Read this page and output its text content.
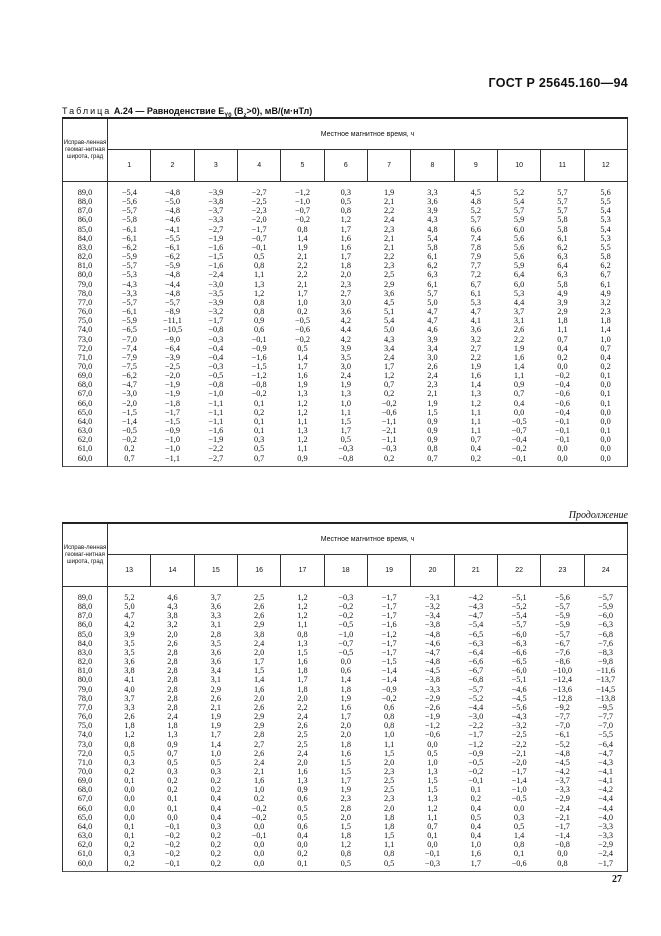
ГОСТ Р 25645.160—94
Таблица А.24 — Равноденствие $E_{Y0}$ $(B_z>0)$, мВ/(м·нТл)
Исправ-ленная геомаг-нитная широта, град	Местное магнитное время, ч											
	1	2	3	4	5	6	7	8	9	10	11	12
89,0	−5,4	−4,8	−3,9	−2,7	−1,2	0,3	1,9	3,3	4,5	5,2	5,7	5,6
88,0	−5,6	−5,0	−3,8	−2,5	−1,0	0,5	2,1	3,6	4,8	5,4	5,7	5,5
87,0	−5,7	−4,8	−3,7	−2,3	−0,7	0,8	2,2	3,9	5,2	5,7	5,7	5,4
86,0	−5,8	−4,6	−3,3	−2,0	−0,2	1,2	2,4	4,3	5,7	5,9	5,8	5,3
85,0	−6,1	−4,1	−2,7	−1,7	0,8	1,7	2,3	4,8	6,6	6,0	5,8	5,4
84,0	−6,1	−5,5	−1,9	−0,7	1,4	1,6	2,1	5,4	7,4	5,6	6,1	5,3
83,0	−6,2	−6,1	−1,6	−0,1	1,9	1,6	2,1	5,8	7,8	5,6	6,2	5,5
82,0	−5,9	−6,2	−1,5	0,5	2,1	1,7	2,2	6,1	7,9	5,6	6,3	5,8
81,0	−5,7	−5,9	−1,6	0,8	2,2	1,8	2,3	6,2	7,7	5,9	6,4	6,2
80,0	−5,3	−4,8	−2,4	1,1	2,2	2,0	2,5	6,3	7,2	6,4	6,3	6,7
79,0	−4,3	−4,4	−3,0	1,3	2,1	2,3	2,9	6,1	6,7	6,0	5,8	6,1
78,0	−3,3	−4,8	−3,5	1,2	1,7	2,7	3,6	5,7	6,1	5,3	4,9	4,9
77,0	−5,7	−5,7	−3,9	0,8	1,0	3,0	4,5	5,0	5,3	4,4	3,9	3,2
76,0	−6,1	−8,9	−3,2	0,8	0,2	3,6	5,1	4,7	4,7	3,7	2,9	2,3
75,0	−5,9	−11,1	−1,7	0,9	−0,5	4,2	5,4	4,7	4,1	3,1	1,8	1,8
74,0	−6,5	−10,5	−0,8	0,6	−0,6	4,4	5,0	4,6	3,6	2,6	1,1	1,4
73,0	−7,0	−9,0	−0,3	−0,1	−0,2	4,2	4,3	3,9	3,2	2,2	0,7	1,0
72,0	−7,4	−6,4	−0,4	−0,9	0,5	3,9	3,4	3,4	2,7	1,9	0,4	0,7
71,0	−7,9	−3,9	−0,4	−1,6	1,4	3,5	2,4	3,0	2,2	1,6	0,2	0,4
70,0	−7,5	−2,5	−0,3	−1,5	1,7	3,0	1,7	2,6	1,9	1,4	0,0	0,2
69,0	−6,2	−2,0	−0,5	−1,2	1,6	2,4	1,2	2,4	1,6	1,1	−0,2	0,1
68,0	−4,7	−1,9	−0,8	−0,8	1,9	1,9	0,7	2,3	1,4	0,9	−0,4	0,0
67,0	−3,0	−1,9	−1,0	−0,2	1,3	1,3	0,2	2,1	1,3	0,7	−0,6	0,1
66,0	−2,0	−1,8	−1,1	0,1	1,2	1,0	−0,2	1,9	1,2	0,4	−0,6	0,1
65,0	−1,5	−1,7	−1,1	0,2	1,2	1,1	−0,6	1,5	1,1	0,0	−0,4	0,0
64,0	−1,4	−1,5	−1,1	0,1	1,1	1,5	−1,1	0,9	1,1	−0,5	−0,1	0,0
63,0	−0,5	−0,9	−1,6	0,1	1,3	1,7	−2,1	0,9	1,1	−0,7	−0,1	0,1
62,0	−0,2	−1,0	−1,9	0,3	1,2	0,5	−1,1	0,9	0,7	−0,4	−0,1	0,0
61,0	0,2	−1,0	−2,2	0,5	1,1	−0,3	−0,3	0,8	0,4	−0,2	0,0	0,0
60,0	0,7	−1,1	−2,7	0,7	0,9	−0,8	0,2	0,7	0,2	−0,1	0,0	0,0
Продолжение
Исправ-ленная геомаг-нитная широта, град	Местное магнитное время, ч											
	13	14	15	16	17	18	19	20	21	22	23	24
89,0	5,2	4,6	3,7	2,5	1,2	−0,3	−1,7	−3,1	−4,2	−5,1	−5,6	−5,7
88,0	5,0	4,3	3,6	2,6	1,2	−0,2	−1,7	−3,2	−4,3	−5,2	−5,7	−5,9
87,0	4,7	3,8	3,3	2,6	1,2	−0,2	−1,7	−3,4	−4,7	−5,4	−5,9	−6,0
86,0	4,2	3,2	3,1	2,9	1,1	−0,5	−1,6	−3,8	−5,4	−5,7	−5,9	−6,3
85,0	3,9	2,0	2,8	3,8	0,8	−1,0	−1,2	−4,8	−6,5	−6,0	−5,7	−6,8
84,0	3,5	2,6	3,5	2,4	1,3	−0,7	−1,7	−4,6	−6,3	−6,3	−6,7	−7,6
83,0	3,5	2,8	3,6	2,0	1,5	−0,5	−1,7	−4,7	−6,4	−6,6	−7,6	−8,3
82,0	3,6	2,8	3,6	1,7	1,6	0,0	−1,5	−4,8	−6,6	−6,5	−8,6	−9,8
81,0	3,8	2,8	3,4	1,5	1,8	0,6	−1,4	−4,5	−6,7	−6,0	−10,0	−11,6
80,0	4,1	2,8	3,1	1,4	1,7	1,4	−1,4	−3,8	−6,8	−5,1	−12,4	−13,7
79,0	4,0	2,8	2,9	1,6	1,8	1,8	−0,9	−3,3	−5,7	−4,6	−13,6	−14,5
78,0	3,7	2,8	2,6	2,0	2,0	1,9	−0,2	−2,9	−5,2	−4,5	−12,8	−13,8
77,0	3,3	2,8	2,1	2,6	2,2	1,6	0,6	−2,6	−4,4	−5,6	−9,2	−9,5
76,0	2,6	2,4	1,9	2,9	2,4	1,7	0,8	−1,9	−3,0	−4,3	−7,7	−7,7
75,0	1,8	1,8	1,9	2,9	2,6	2,0	0,8	−1,2	−2,2	−3,2	−7,0	−7,0
74,0	1,2	1,3	1,7	2,8	2,5	2,0	1,0	−0,6	−1,7	−2,5	−6,1	−5,5
73,0	0,8	0,9	1,4	2,7	2,5	1,8	1,1	0,0	−1,2	−2,2	−5,2	−6,4
72,0	0,5	0,7	1,0	2,6	2,4	1,6	1,5	0,5	−0,9	−2,1	−4,8	−4,7
71,0	0,3	0,5	0,5	2,4	2,0	1,5	2,0	1,0	−0,5	−2,0	−4,5	−4,3
70,0	0,2	0,3	0,3	2,1	1,6	1,5	2,3	1,3	−0,2	−1,7	−4,2	−4,1
69,0	0,1	0,2	0,2	1,6	1,3	1,7	2,5	1,5	−0,1	−1,4	−3,7	−4,1
68,0	0,0	0,2	0,2	1,0	0,9	1,9	2,5	1,5	0,1	−1,0	−3,3	−4,2
67,0	0,0	0,1	0,4	0,2	0,6	2,3	2,3	1,3	0,2	−0,5	−2,9	−4,4
66,0	0,0	0,1	0,4	−0,2	0,5	2,8	2,0	1,2	0,4	0,0	−2,4	−4,4
65,0	0,0	0,0	0,4	−0,2	0,5	2,0	1,8	1,1	0,5	0,3	−2,1	−4,0
64,0	0,1	−0,1	0,3	0,0	0,6	1,5	1,8	0,7	0,4	0,5	−1,7	−3,3
63,0	0,1	−0,2	0,2	−0,1	0,4	1,8	1,5	0,1	0,4	1,4	−1,4	−3,3
62,0	0,2	−0,2	0,2	0,0	0,0	1,2	1,1	0,0	1,0	0,8	−0,8	−2,9
61,0	0,3	−0,2	0,2	0,0	0,2	0,8	0,8	−0,1	1,6	0,1	0,0	−2,4
60,0	0,2	−0,1	0,2	0,0	0,1	0,5	0,5	−0,3	1,7	−0,6	0,8	−1,7
27
